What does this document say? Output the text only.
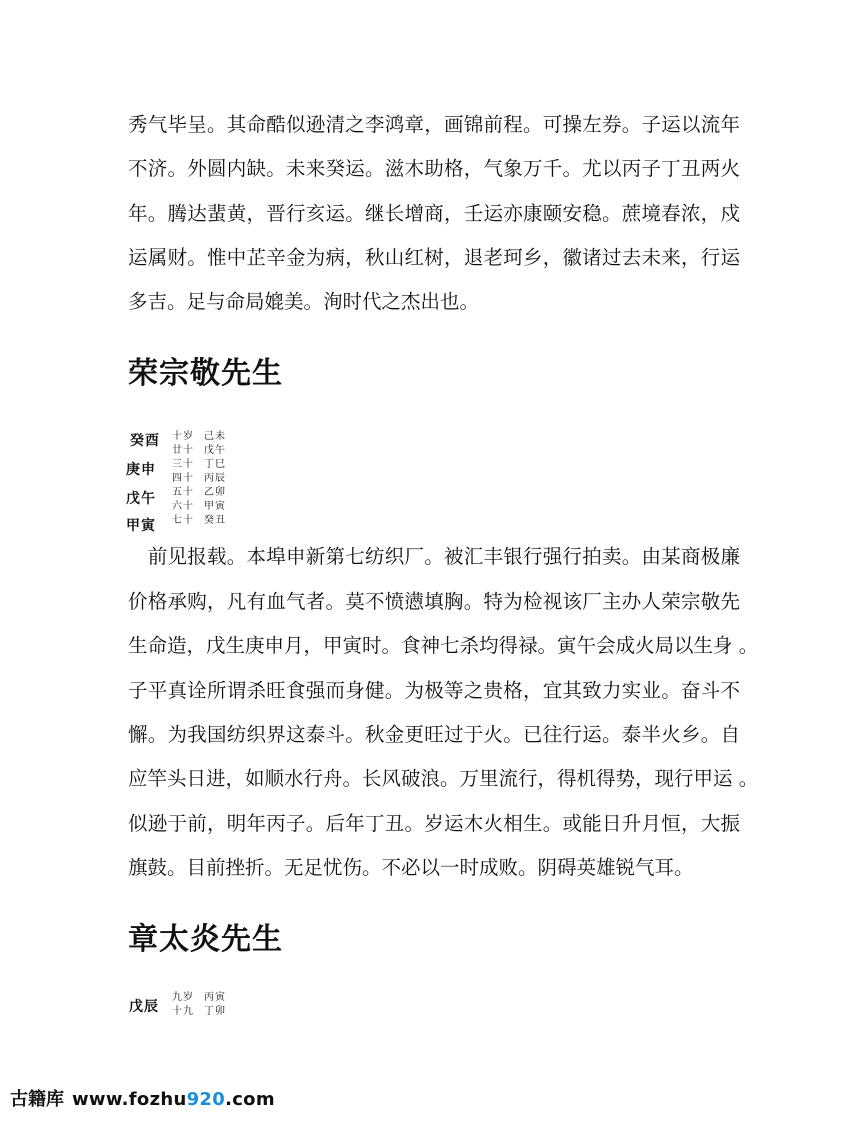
秀气毕呈。其命酷似逊清之李鸿章，画锦前程。可操左券。子运以流年
不济。外圆内缺。未来癸运。滋木助格，气象万千。尤以丙子丁丑两火
年。腾达蜚黄，晋行亥运。继长增商，壬运亦康颐安稳。蔗境春浓，戍
运属财。惟中芷辛金为病，秋山红树，退老珂乡，徽诸过去未来，行运
多吉。足与命局媲美。洵时代之杰出也。
荣宗敬先生
癸酉
庚申
戊午
甲寅
十岁
廿十
三十
四十
五十
六十
七十
己未
戊午
丁巳
丙辰
乙卯
甲寅
癸丑
　前见报载。本埠申新第七纺织厂。被汇丰银行强行拍卖。由某商极廉
价格承购，凡有血气者。莫不愤懑填胸。特为检视该厂主办人荣宗敬先
生命造，戊生庚申月，甲寅时。食神七杀均得禄。寅午会成火局以生身 。
子平真诠所谓杀旺食强而身健。为极等之贵格，宜其致力实业。奋斗不
懈。为我国纺织界这泰斗。秋金更旺过于火。已往行运。泰半火乡。自
应竿头日进，如顺水行舟。长风破浪。万里流行，得机得势，现行甲运 。
似逊于前，明年丙子。后年丁丑。岁运木火相生。或能日升月恒，大振
旗鼓。目前挫折。无足忧伤。不必以一时成败。阴碍英雄锐气耳。
章太炎先生
戊辰
九岁
十九
丙寅
丁卯
古籍库 www.fozhu920.com
